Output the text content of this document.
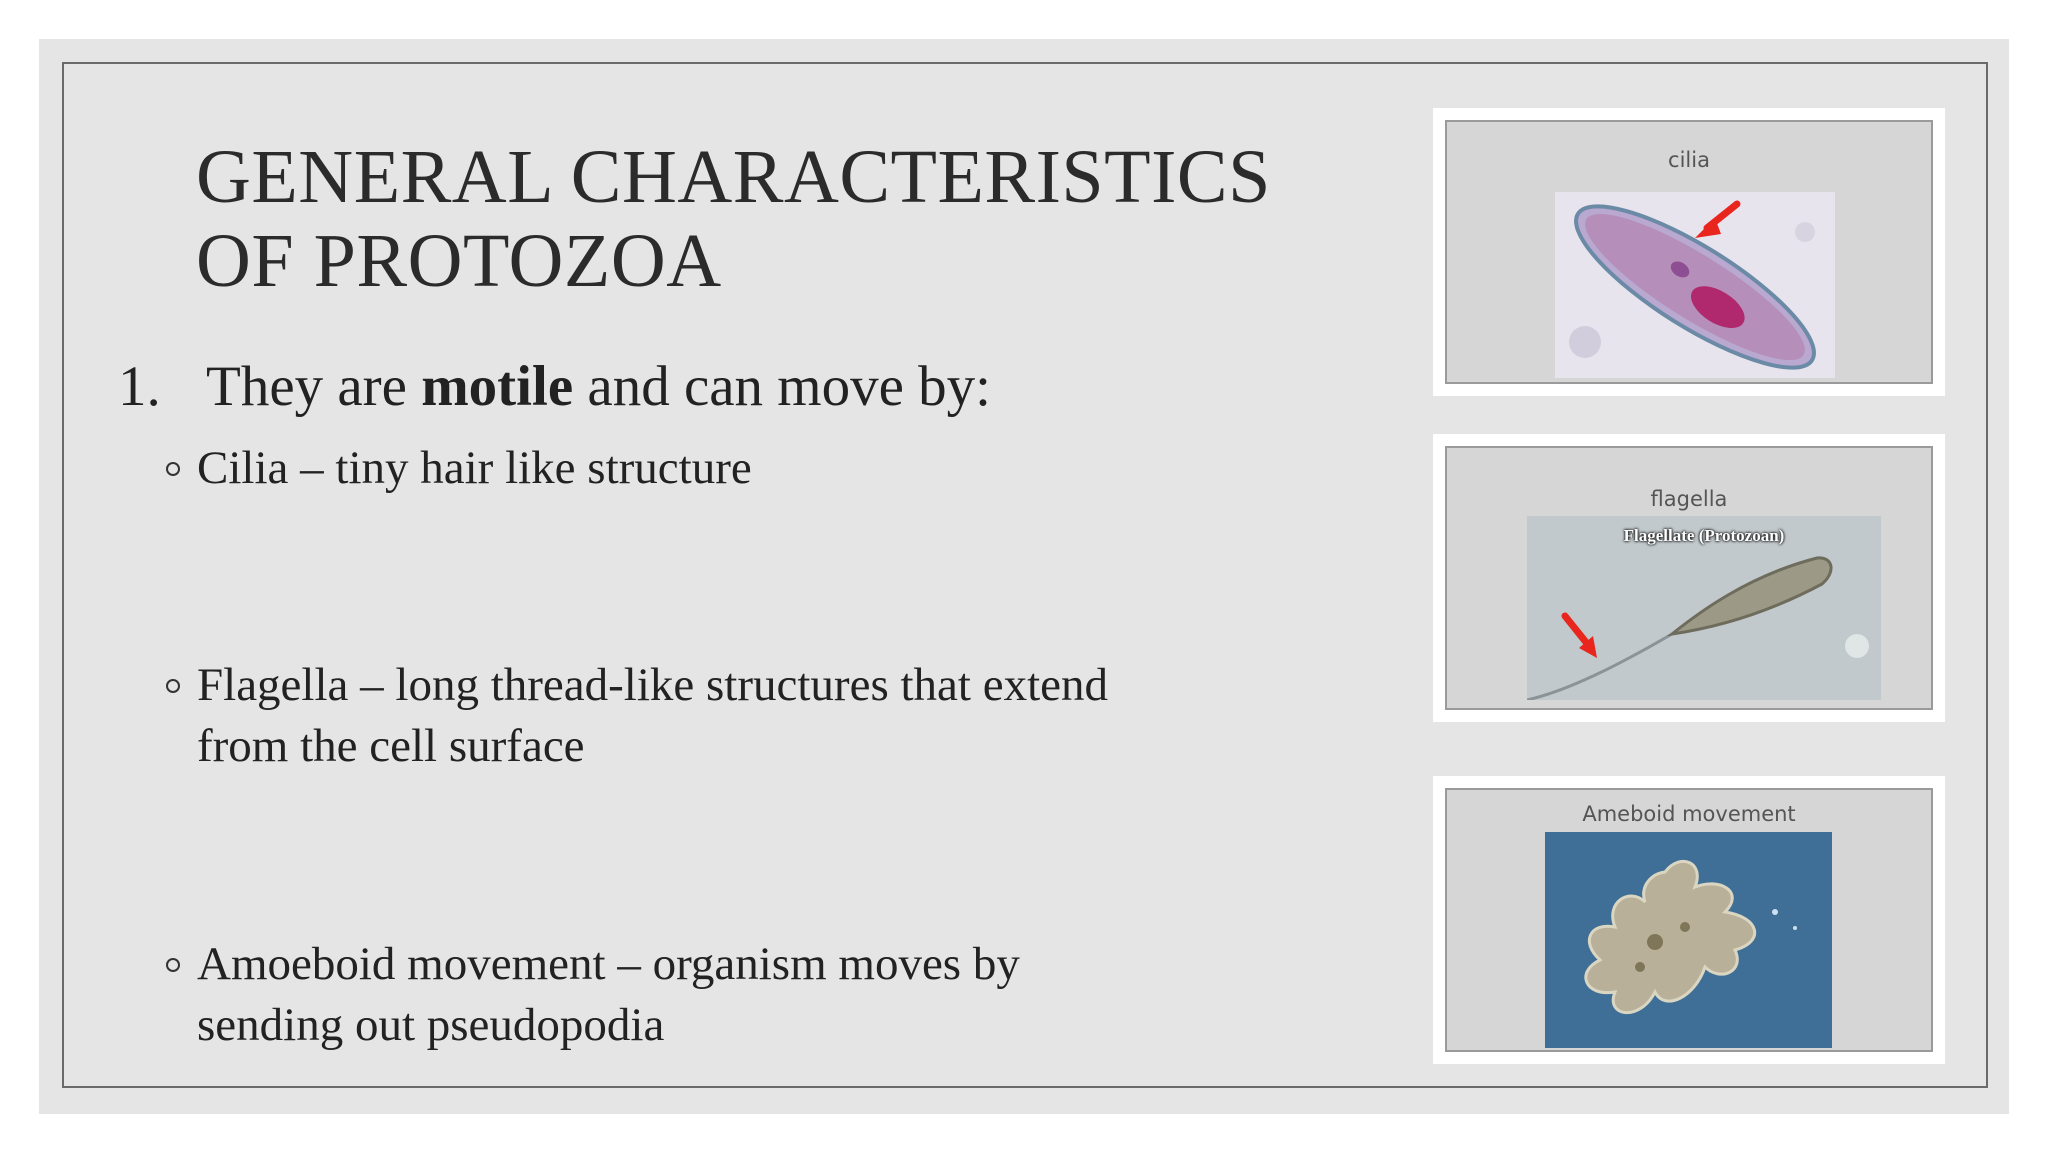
GENERAL CHARACTERISTICS
OF PROTOZOA
1. They are motile and can move by:
Cilia – tiny hair like structure
Flagella – long thread-like structures that extend
from the cell surface
Amoeboid movement – organism moves by
sending out pseudopodia
cilia
flagella
Flagellate (Protozoan)
Ameboid movement
